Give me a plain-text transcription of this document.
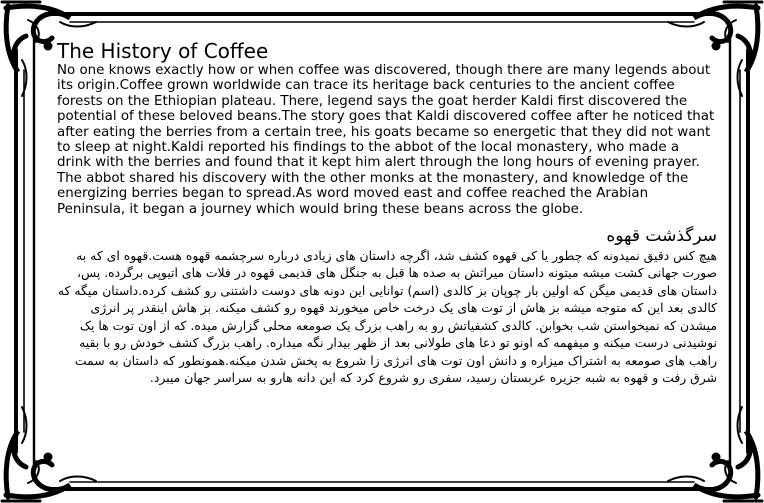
The History of Coffee

No one knows exactly how or when coffee was discovered, though there are many legends about its origin.Coffee grown worldwide can trace its heritage back centuries to the ancient coffee forests on the Ethiopian plateau. There, legend says the goat herder Kaldi first discovered the potential of these beloved beans.The story goes that Kaldi discovered coffee after he noticed that after eating the berries from a certain tree, his goats became so energetic that they did not want to sleep at night.Kaldi reported his findings to the abbot of the local monastery, who made a drink with the berries and found that it kept him alert through the long hours of evening prayer. The abbot shared his discovery with the other monks at the monastery, and knowledge of the energizing berries began to spread.As word moved east and coffee reached the Arabian Peninsula, it began a journey which would bring these beans across the globe.

سرگذشت قهوه

هیچ کس دقیق نمیدونه که چطور یا کی قهوه کشف شد، اگرچه داستان های زیادی درباره سرچشمه قهوه هست.قهوه ای که به صورت جهانی کشت میشه میتونه داستان میراثش به صده ها قبل به جنگل های قدیمی قهوه در فلات های اتیوپی برگرده. پس، داستان های قدیمی میگن که اولین بار چوپان بز کالدی (اسم) توانایی این دونه های دوست داشتنی رو کشف کرده.داستان میگه که کالدی بعد این که متوجه میشه بز هاش از توت های یک درخت خاص میخورند قهوه رو کشف میکنه. بز هاش اینقدر پر انرژی میشدن که نمیخواستن شب بخوابن. کالدی کشفیاتش رو به راهب بزرگ یک صومعه محلی گزارش میده. که از اون توت ها یک نوشیدنی درست میکنه و میفهمه که اونو تو دعا های طولانی بعد از ظهر بیدار نگه میداره. راهب بزرگ کشف خودش رو با بقیه راهب های صومعه به اشتراک میزاره و دانش اون توت های انرژی زا شروع به پخش شدن میکنه.همونطور که داستان به سمت شرق رفت و قهوه به شبه جزیره عربستان رسید، سفری رو شروع کرد که این دانه هارو به سراسر جهان میبرد.
